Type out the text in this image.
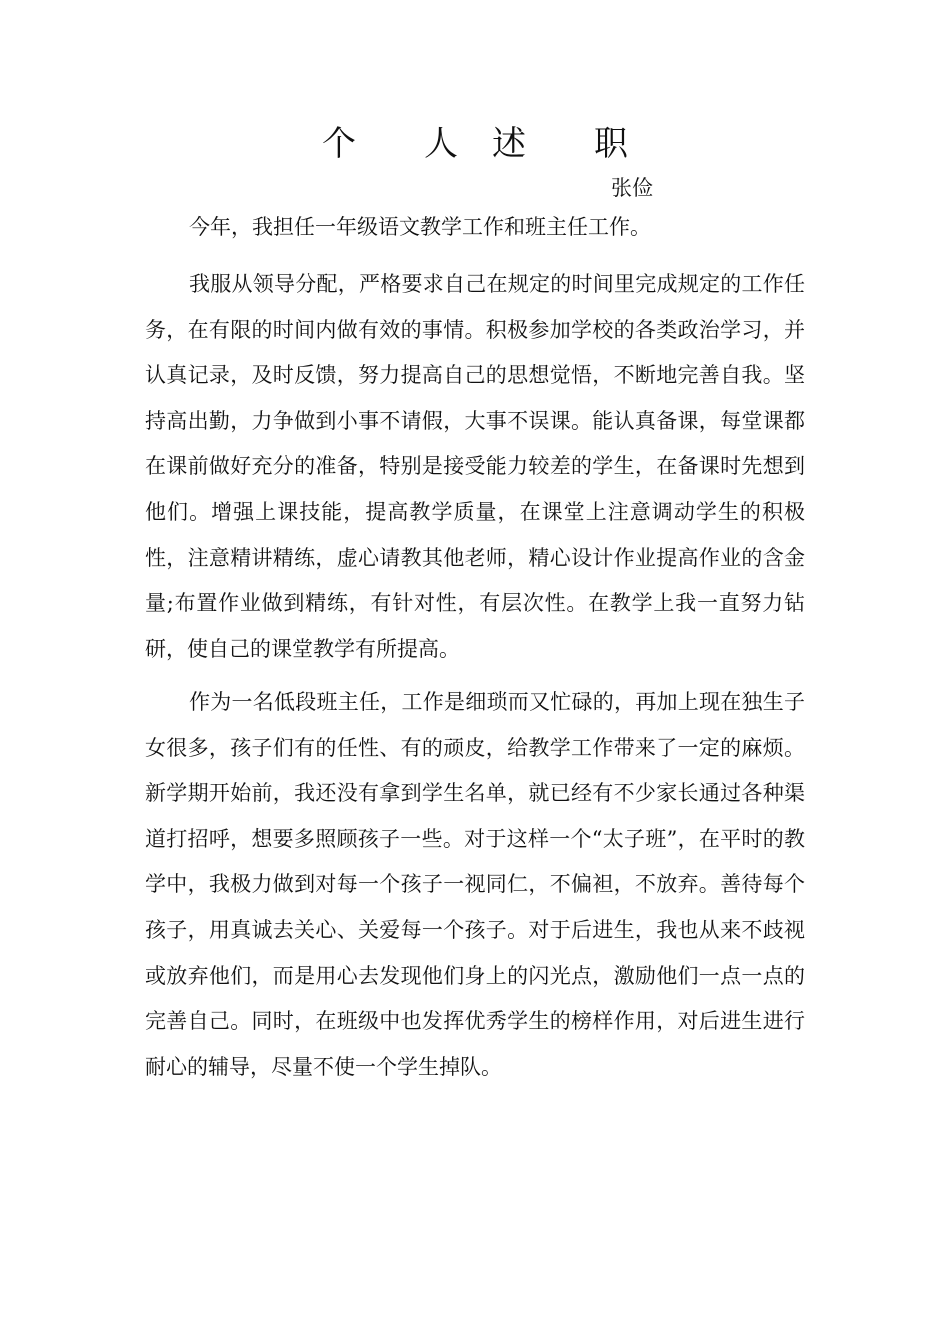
个　　人　述　　职
张俭

今年，我担任一年级语文教学工作和班主任工作。

我服从领导分配，严格要求自己在规定的时间里完成规定的工作任务，在有限的时间内做有效的事情。积极参加学校的各类政治学习，并认真记录，及时反馈，努力提高自己的思想觉悟，不断地完善自我。坚持高出勤，力争做到小事不请假，大事不误课。能认真备课，每堂课都在课前做好充分的准备，特别是接受能力较差的学生，在备课时先想到他们。增强上课技能，提高教学质量，在课堂上注意调动学生的积极性，注意精讲精练，虚心请教其他老师，精心设计作业提高作业的含金量;布置作业做到精练，有针对性，有层次性。在教学上我一直努力钻研，使自己的课堂教学有所提高。

作为一名低段班主任，工作是细琐而又忙碌的，再加上现在独生子女很多，孩子们有的任性、有的顽皮，给教学工作带来了一定的麻烦。新学期开始前，我还没有拿到学生名单，就已经有不少家长通过各种渠道打招呼，想要多照顾孩子一些。对于这样一个“太子班”，在平时的教学中，我极力做到对每一个孩子一视同仁，不偏袒，不放弃。善待每个孩子，用真诚去关心、关爱每一个孩子。对于后进生，我也从来不歧视或放弃他们，而是用心去发现他们身上的闪光点，激励他们一点一点的完善自己。同时，在班级中也发挥优秀学生的榜样作用，对后进生进行耐心的辅导，尽量不使一个学生掉队。
